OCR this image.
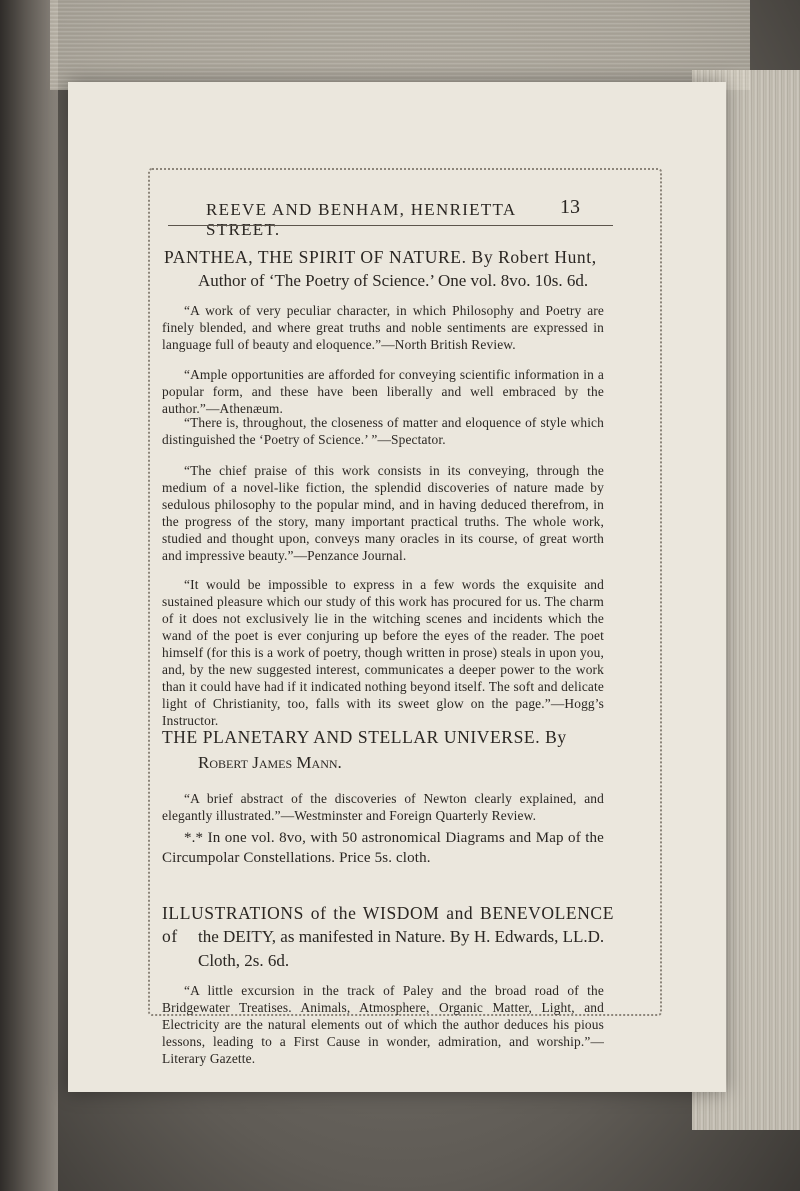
REEVE AND BENHAM, HENRIETTA STREET.

13

PANTHEA, THE SPIRIT OF NATURE. By Robert Hunt,

Author of ‘The Poetry of Science.’ One vol. 8vo. 10s. 6d.

“A work of very peculiar character, in which Philosophy and Poetry are finely blended, and where great truths and noble sentiments are expressed in language full of beauty and eloquence.”—North British Review.

“Ample opportunities are afforded for conveying scientific information in a popular form, and these have been liberally and well embraced by the author.”—Athenæum.

“There is, throughout, the closeness of matter and eloquence of style which distinguished the ‘Poetry of Science.’ ”—Spectator.

“The chief praise of this work consists in its conveying, through the medium of a novel-like fiction, the splendid discoveries of nature made by sedulous philosophy to the popular mind, and in having deduced therefrom, in the progress of the story, many important practical truths. The whole work, studied and thought upon, conveys many oracles in its course, of great worth and impressive beauty.”—Penzance Journal.

“It would be impossible to express in a few words the exquisite and sustained pleasure which our study of this work has procured for us. The charm of it does not exclusively lie in the witching scenes and incidents which the wand of the poet is ever conjuring up before the eyes of the reader. The poet himself (for this is a work of poetry, though written in prose) steals in upon you, and, by the new suggested interest, communicates a deeper power to the work than it could have had if it indicated nothing beyond itself. The soft and delicate light of Christianity, too, falls with its sweet glow on the page.”—Hogg’s Instructor.

THE PLANETARY AND STELLAR UNIVERSE. By

Robert James Mann.

“A brief abstract of the discoveries of Newton clearly explained, and elegantly illustrated.”—Westminster and Foreign Quarterly Review.

*.* In one vol. 8vo, with 50 astronomical Diagrams and Map of the Circumpolar Constellations. Price 5s. cloth.

ILLUSTRATIONS of the WISDOM and BENEVOLENCE of	the DEITY, as manifested in Nature. By H. Edwards, LL.D.

Cloth, 2s. 6d.

“A little excursion in the track of Paley and the broad road of the Bridgewater Treatises. Animals, Atmosphere, Organic Matter, Light, and Electricity are the natural elements out of which the author deduces his pious lessons, leading to a First Cause in wonder, admiration, and worship.”—Literary Gazette.
